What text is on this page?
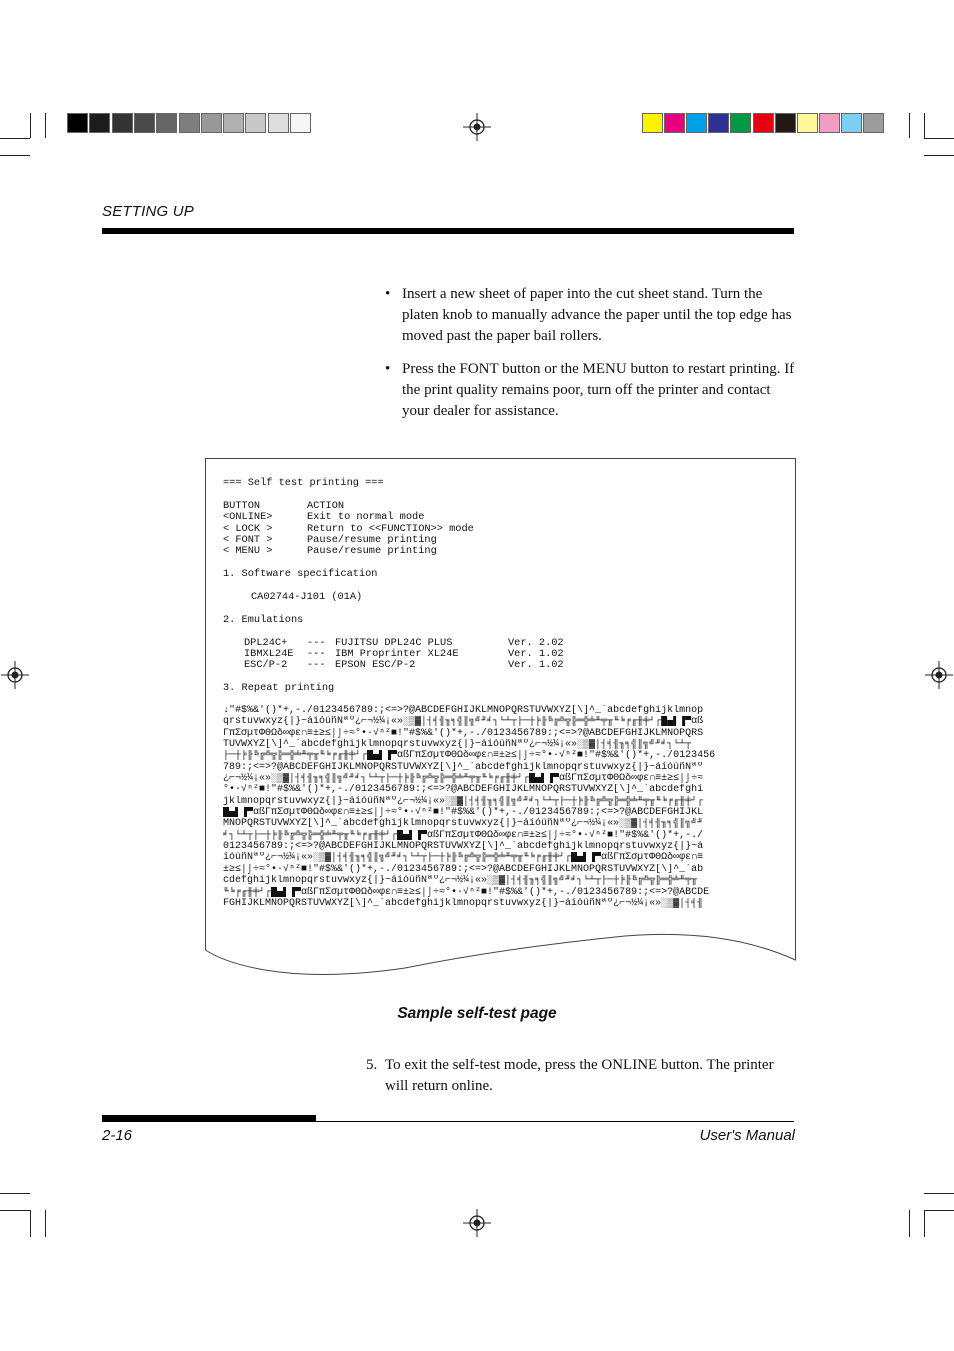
SETTING UP
• Insert a new sheet of paper into the cut sheet stand. Turn the platen knob to manually advance the paper until the top edge has moved past the paper bail rollers.
• Press the FONT button or the MENU button to restart printing. If the print quality remains poor, turn off the printer and contact your dealer for assistance.
=== Self test printing ===
BUTTON	ACTION
<ONLINE>	Exit to normal mode
< LOCK >	Return to <<FUNCTION>> mode
< FONT >	Pause/resume printing
< MENU >	Pause/resume printing
1. Software specification
CA02744-J101 (01A)
2. Emulations
DPL24C+ --- FUJITSU DPL24C PLUS	Ver. 2.02
IBMXL24E --- IBM Proprinter XL24E	Ver. 1.02
ESC/P-2 --- EPSON ESC/P-2	Ver. 1.02
3. Repeat printing
↓"#$%&'()*+,-./0123456789:;<=>?@ABCDEFGHIJKLMNOPQRSTUVWXYZ[\]^_`abcdefghijklmnop
qrstuvwxyz{|}~áíóúñÑªº¿⌐¬½¼¡«»░▒▓│┤╡╢╖╕╣║╗╝╜╛┐└┴┬├─┼╞╟╚╔╩╦╠═╬╧╨╤╥╙╘╒╓╫╪┘┌█▄▌▐▀αß
ΓπΣσµτΦΘΩδ∞φε∩≡±≥≤⌠⌡÷≈°•·√ⁿ²■!"#$%&'()*+,-./0123456789:;<=>?@ABCDEFGHIJKLMNOPQRS
TUVWXYZ[\]^_`abcdefghijklmnopqrstuvwxyz{|}~áíóúñÑªº¿⌐¬½¼¡«»░▒▓│┤╡╢╖╕╣║╗╝╜╛┐└┴┬
├─┼╞╟╚╔╩╦╠═╬╧╨╤╥╙╘╒╓╫╪┘┌█▄▌▐▀αßΓπΣσµτΦΘΩδ∞φε∩≡±≥≤⌠⌡÷≈°•·√ⁿ²■!"#$%&'()*+,-./0123456
789:;<=>?@ABCDEFGHIJKLMNOPQRSTUVWXYZ[\]^_`abcdefghijklmnopqrstuvwxyz{|}~áíóúñÑªº
¿⌐¬½¼¡«»░▒▓│┤╡╢╖╕╣║╗╝╜╛┐└┴┬├─┼╞╟╚╔╩╦╠═╬╧╨╤╥╙╘╒╓╫╪┘┌█▄▌▐▀αßΓπΣσµτΦΘΩδ∞φε∩≡±≥≤⌠⌡÷≈
°•·√ⁿ²■!"#$%&'()*+,-./0123456789:;<=>?@ABCDEFGHIJKLMNOPQRSTUVWXYZ[\]^_`abcdefghi
jklmnopqrstuvwxyz{|}~áíóúñÑªº¿⌐¬½¼¡«»░▒▓│┤╡╢╖╕╣║╗╝╜╛┐└┴┬├─┼╞╟╚╔╩╦╠═╬╧╨╤╥╙╘╒╓╫╪┘┌
█▄▌▐▀αßΓπΣσµτΦΘΩδ∞φε∩≡±≥≤⌠⌡÷≈°•·√ⁿ²■!"#$%&'()*+,-./0123456789:;<=>?@ABCDEFGHIJKL
MNOPQRSTUVWXYZ[\]^_`abcdefghijklmnopqrstuvwxyz{|}~áíóúñÑªº¿⌐¬½¼¡«»░▒▓│┤╡╢╖╕╣║╗╝╜
╛┐└┴┬├─┼╞╟╚╔╩╦╠═╬╧╨╤╥╙╘╒╓╫╪┘┌█▄▌▐▀αßΓπΣσµτΦΘΩδ∞φε∩≡±≥≤⌠⌡÷≈°•·√ⁿ²■!"#$%&'()*+,-./
0123456789:;<=>?@ABCDEFGHIJKLMNOPQRSTUVWXYZ[\]^_`abcdefghijklmnopqrstuvwxyz{|}~á
íóúñÑªº¿⌐¬½¼¡«»░▒▓│┤╡╢╖╕╣║╗╝╜╛┐└┴┬├─┼╞╟╚╔╩╦╠═╬╧╨╤╥╙╘╒╓╫╪┘┌█▄▌▐▀αßΓπΣσµτΦΘΩδ∞φε∩≡
±≥≤⌠⌡÷≈°•·√ⁿ²■!"#$%&'()*+,-./0123456789:;<=>?@ABCDEFGHIJKLMNOPQRSTUVWXYZ[\]^_`ab
cdefghijklmnopqrstuvwxyz{|}~áíóúñÑªº¿⌐¬½¼¡«»░▒▓│┤╡╢╖╕╣║╗╝╜╛┐└┴┬├─┼╞╟╚╔╩╦╠═╬╧╨╤╥
╙╘╒╓╫╪┘┌█▄▌▐▀αßΓπΣσµτΦΘΩδ∞φε∩≡±≥≤⌠⌡÷≈°•·√ⁿ²■!"#$%&'()*+,-./0123456789:;<=>?@ABCDE
FGHIJKLMNOPQRSTUVWXYZ[\]^_`abcdefghijklmnopqrstuvwxyz{|}~áíóúñÑªº¿⌐¬½¼¡«»░▒▓│┤╡╢
Sample self-test page
5. To exit the self-test mode, press the ONLINE button. The printer will return online.
2-16	User's Manual
